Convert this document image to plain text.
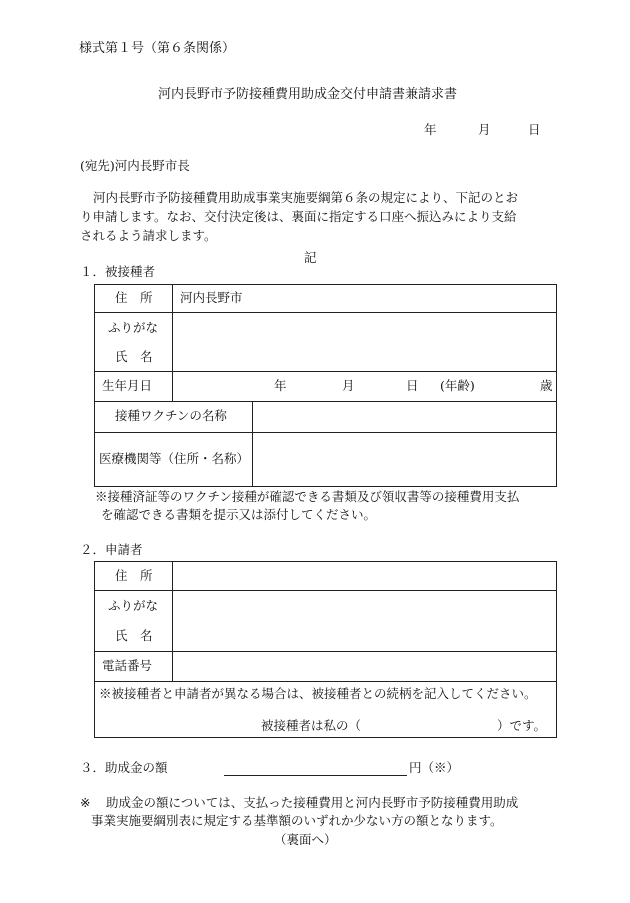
様式第１号（第６条関係）
河内長野市予防接種費用助成金交付申請書兼請求書
年	月	日
(宛先)河内長野市長
河内長野市予防接種費用助成事業実施要綱第６条の規定により、下記のとお
り申請します。なお、交付決定後は、裏面に指定する口座へ振込みにより支給
されるよう請求します。
記
１．被接種者
住　所 河内長野市
ふりがな
氏　名
生年月日	年	月	日 (年齢)	歳
接種ワクチンの名称
医療機関等（住所・名称）
※接種済証等のワクチン接種が確認できる書類及び領収書等の接種費用支払
を確認できる書類を提示又は添付してください。
２．申請者
住　所
ふりがな
氏　名
電話番号
※被接種者と申請者が異なる場合は、被接種者との続柄を記入してください。
被接種者は私の（	）です。
３．助成金の額	円（※）
※ 助成金の額については、支払った接種費用と河内長野市予防接種費用助成
事業実施要綱別表に規定する基準額のいずれか少ない方の額となります。
（裏面へ）
